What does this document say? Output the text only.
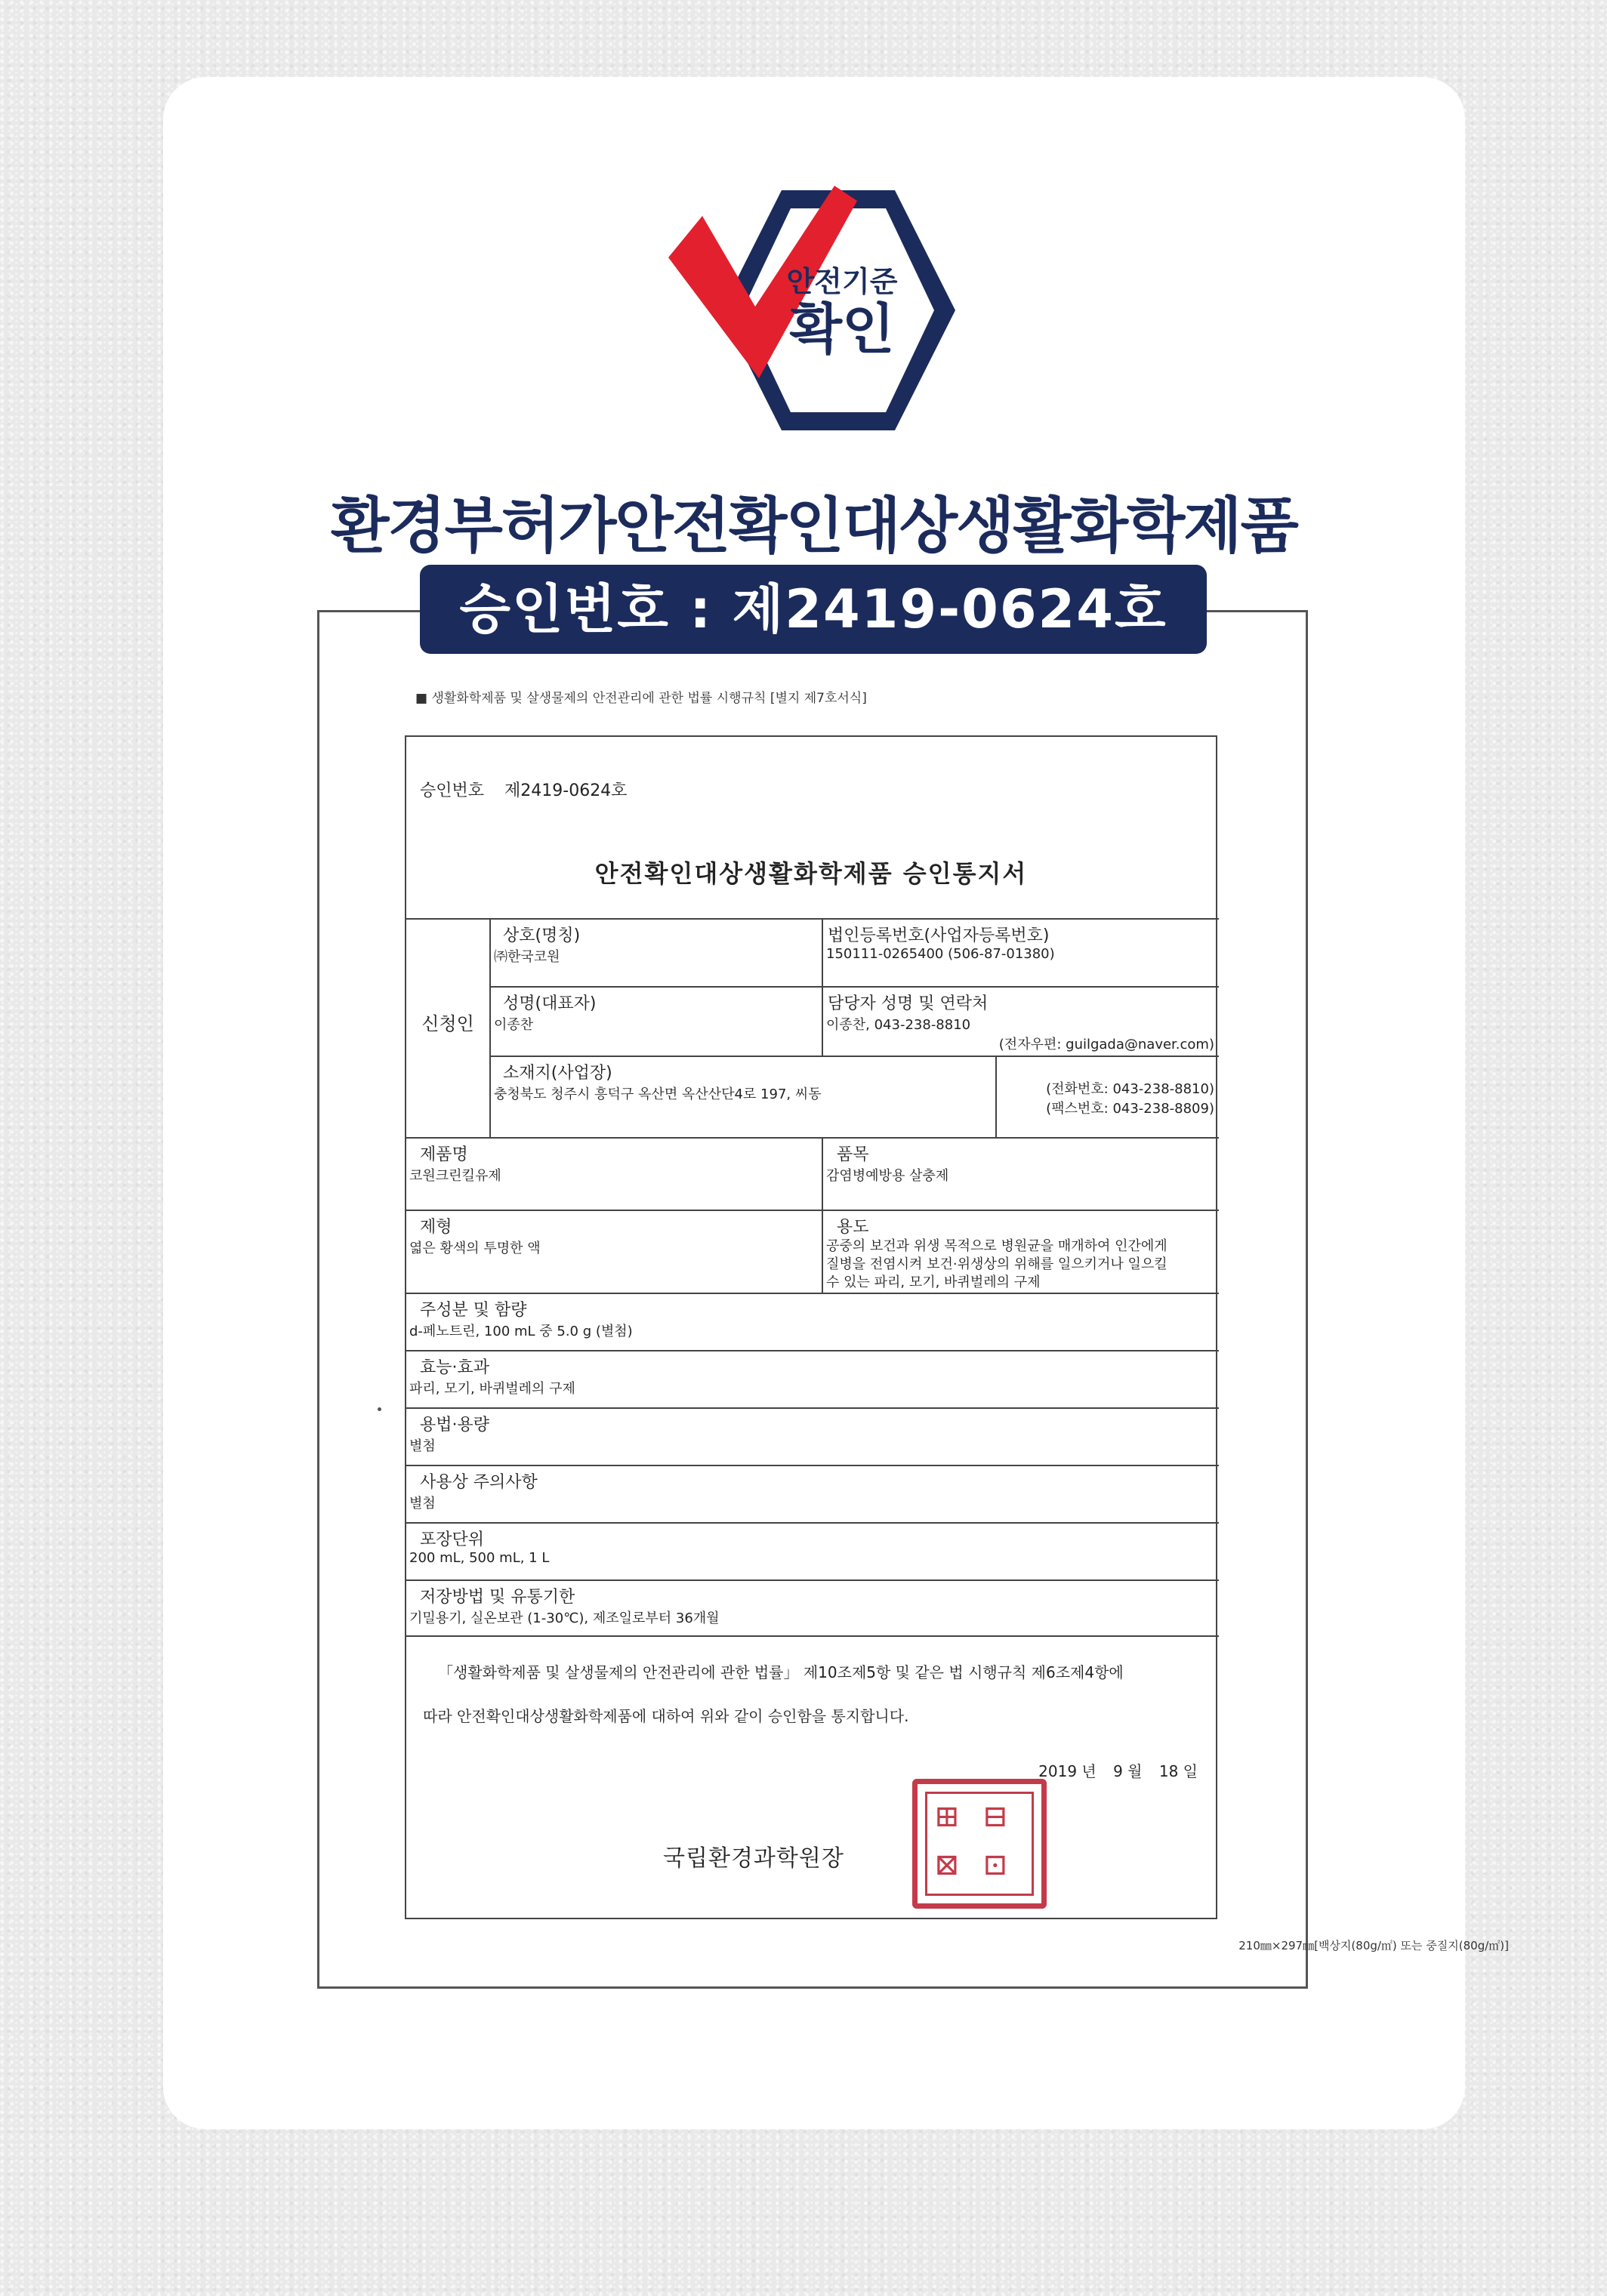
안전기준
확인
환경부허가안전확인대상생활화학제품
승인번호 : 제2419-0624호
■ 생활화학제품 및 살생물제의 안전관리에 관한 법률 시행규칙 [별지 제7호서식]
승인번호 제2419-0624호
안전확인대상생활화학제품 승인통지서
신청인
상호(명칭)
㈜한국코원
법인등록번호(사업자등록번호)
150111-0265400 (506-87-01380)
성명(대표자)
이종찬
담당자 성명 및 연락처
이종찬, 043-238-8810
(전자우편: guilgada@naver.com)
소재지(사업장)
충청북도 청주시 흥덕구 옥산면 옥산산단4로 197, 씨동	(전화번호: 043-238-8810)
(팩스번호: 043-238-8809)
제품명
코원크린킬유제
품목
감염병예방용 살충제
제형
엷은 황색의 투명한 액
용도
공중의 보건과 위생 목적으로 병원균을 매개하여 인간에게
질병을 전염시켜 보건·위생상의 위해를 일으키거나 일으킬
수 있는 파리, 모기, 바퀴벌레의 구제
주성분 및 함량
d-페노트린, 100 mL 중 5.0 g (별첨)
효능·효과
파리, 모기, 바퀴벌레의 구제
용법·용량
별첨
사용상 주의사항
별첨
포장단위
200 mL, 500 mL, 1 L
저장방법 및 유통기한
기밀용기, 실온보관 (1-30℃), 제조일로부터 36개월

「생활화학제품 및 살생물제의 안전관리에 관한 법률」 제10조제5항 및 같은 법 시행규칙 제6조제4항에

따라 안전확인대상생활화학제품에 대하여 위와 같이 승인함을 통지합니다.

2019 년 9 월 18 일
⊞ ⊟
⊠ ⊡
국립환경과학원장
210㎜×297㎜[백상지(80g/㎡) 또는 중질지(80g/㎡)]
